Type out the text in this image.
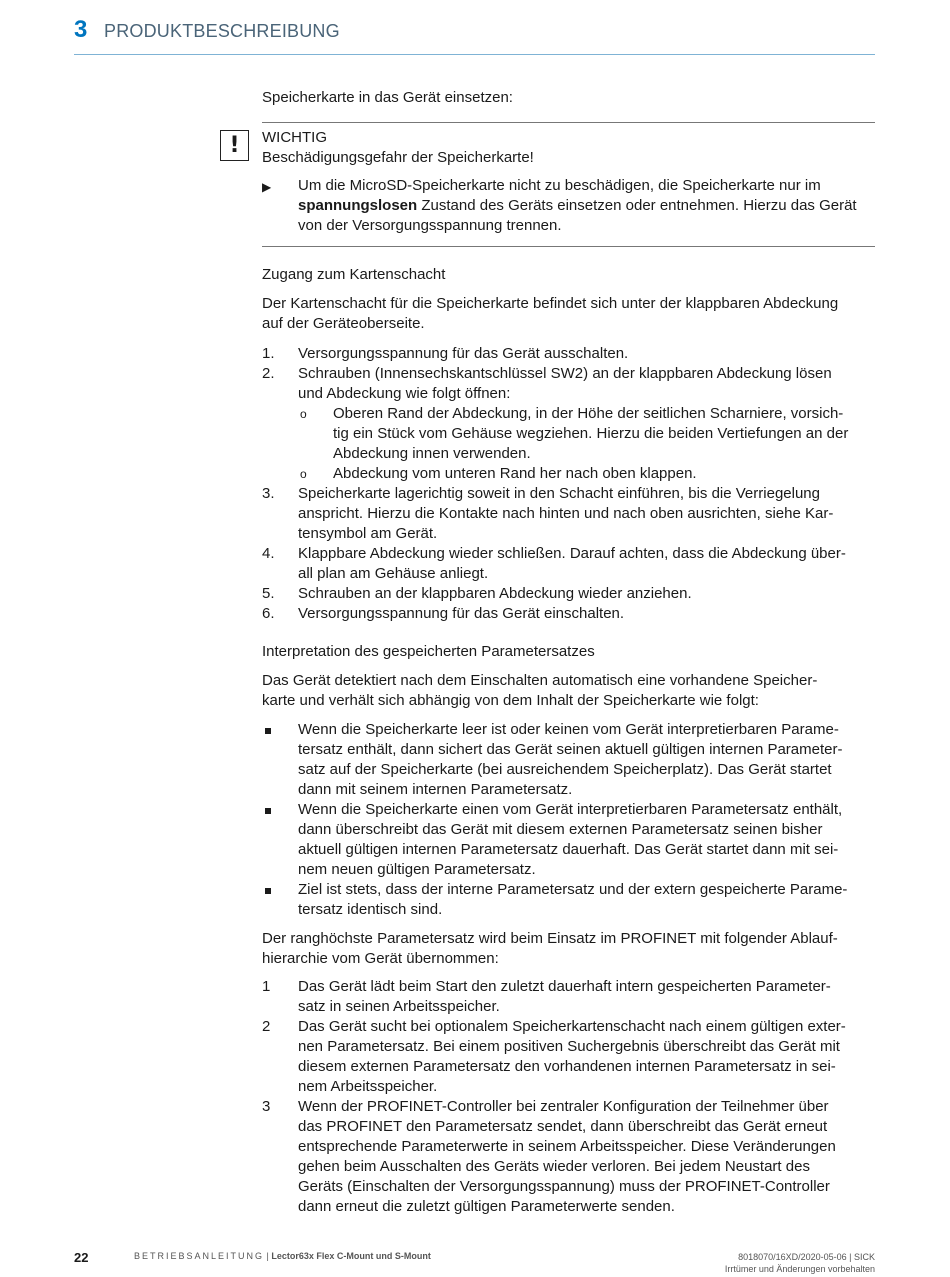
3 PRODUKTBESCHREIBUNG
Speicherkarte in das Gerät einsetzen:
WICHTIG
Beschädigungsgefahr der Speicherkarte!
▶ Um die MicroSD-Speicherkarte nicht zu beschädigen, die Speicherkarte nur im
spannungslosen Zustand des Geräts einsetzen oder entnehmen. Hierzu das Gerät
von der Versorgungsspannung trennen.
Zugang zum Kartenschacht
Der Kartenschacht für die Speicherkarte befindet sich unter der klappbaren Abdeckung
auf der Geräteoberseite.
1. Versorgungsspannung für das Gerät ausschalten.
2. Schrauben (Innensechskantschlüssel SW2) an der klappbaren Abdeckung lösen
und Abdeckung wie folgt öffnen:
o Oberen Rand der Abdeckung, in der Höhe der seitlichen Scharniere, vorsich-
tig ein Stück vom Gehäuse wegziehen. Hierzu die beiden Vertiefungen an der
Abdeckung innen verwenden.
o Abdeckung vom unteren Rand her nach oben klappen.
3. Speicherkarte lagerichtig soweit in den Schacht einführen, bis die Verriegelung
anspricht. Hierzu die Kontakte nach hinten und nach oben ausrichten, siehe Kar-
tensymbol am Gerät.
4. Klappbare Abdeckung wieder schließen. Darauf achten, dass die Abdeckung über-
all plan am Gehäuse anliegt.
5. Schrauben an der klappbaren Abdeckung wieder anziehen.
6. Versorgungsspannung für das Gerät einschalten.
Interpretation des gespeicherten Parametersatzes
Das Gerät detektiert nach dem Einschalten automatisch eine vorhandene Speicher-
karte und verhält sich abhängig von dem Inhalt der Speicherkarte wie folgt:
Wenn die Speicherkarte leer ist oder keinen vom Gerät interpretierbaren Parame-
tersatz enthält, dann sichert das Gerät seinen aktuell gültigen internen Parameter-
satz auf der Speicherkarte (bei ausreichendem Speicherplatz). Das Gerät startet
dann mit seinem internen Parametersatz.
Wenn die Speicherkarte einen vom Gerät interpretierbaren Parametersatz enthält,
dann überschreibt das Gerät mit diesem externen Parametersatz seinen bisher
aktuell gültigen internen Parametersatz dauerhaft. Das Gerät startet dann mit sei-
nem neuen gültigen Parametersatz.
Ziel ist stets, dass der interne Parametersatz und der extern gespeicherte Parame-
tersatz identisch sind.
Der ranghöchste Parametersatz wird beim Einsatz im PROFINET mit folgender Ablauf-
hierarchie vom Gerät übernommen:
1 Das Gerät lädt beim Start den zuletzt dauerhaft intern gespeicherten Parameter-
satz in seinen Arbeitsspeicher.
2 Das Gerät sucht bei optionalem Speicherkartenschacht nach einem gültigen exter-
nen Parametersatz. Bei einem positiven Suchergebnis überschreibt das Gerät mit
diesem externen Parametersatz den vorhandenen internen Parametersatz in sei-
nem Arbeitsspeicher.
3 Wenn der PROFINET-Controller bei zentraler Konfiguration der Teilnehmer über
das PROFINET den Parametersatz sendet, dann überschreibt das Gerät erneut
entsprechende Parameterwerte in seinem Arbeitsspeicher. Diese Veränderungen
gehen beim Ausschalten des Geräts wieder verloren. Bei jedem Neustart des
Geräts (Einschalten der Versorgungsspannung) muss der PROFINET-Controller
dann erneut die zuletzt gültigen Parameterwerte senden.
!
22	BETRIEBSANLEITUNG | Lector63x Flex C-Mount und S-Mount	8018070/16XD/2020-05-06 | SICK
Irrtümer und Änderungen vorbehalten
